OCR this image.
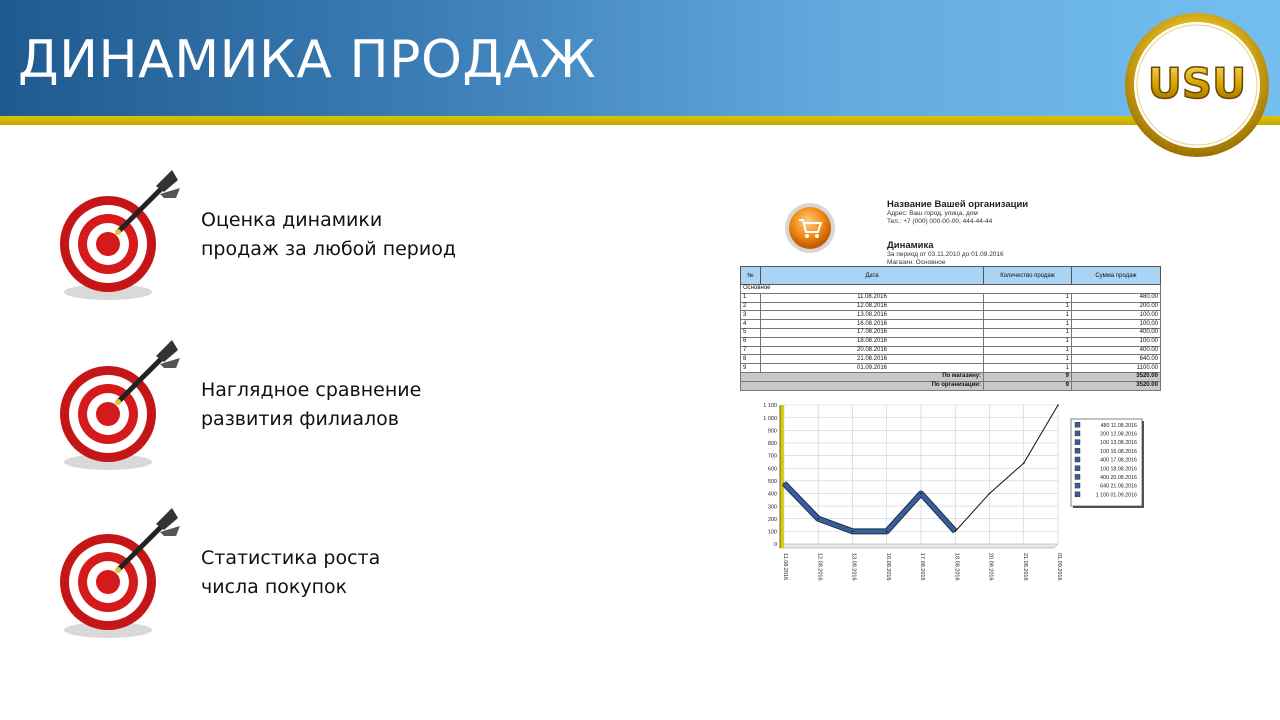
ДИНАМИКА ПРОДАЖ	USU
Оценка динамики
продаж за любой период
Наглядное сравнение
развития филиалов
Статистика роста
числа покупок
Название Вашей организации
Адрес: Ваш город, улица, дом
Тел.: +7 (000) 000-00-00, 444-44-44
Динамика
За период от 03.11.2010 до 01.09.2016
Магазин: Основное
№	Дата	Количество продаж	Сумма продаж
Основное			
1	11.08.2016	1	480.00
2	12.08.2016	1	200.00
3	13.08.2016	1	100.00
4	16.08.2016	1	100.00
5	17.08.2016	1	400.00
6	18.08.2016	1	100.00
7	20.08.2016	1	400.00
8	21.08.2016	1	640.00
9	01.09.2016	1	1100.00
По магазину:		9	3520.00
По организации:		9	3520.00
0
100
200
300
400
500
600
700
800
900
1 000
1 100
11.08.2016	12.08.2016	13.08.2016	16.08.2016	17.08.2016	18.08.2016	20.08.2016	21.08.2016	01.09.2016
480 11.08.2016
200 12.08.2016
100 13.08.2016
100 16.08.2016
400 17.08.2016
100 18.08.2016
400 20.08.2016
640 21.08.2016
1 100 01.09.2016
